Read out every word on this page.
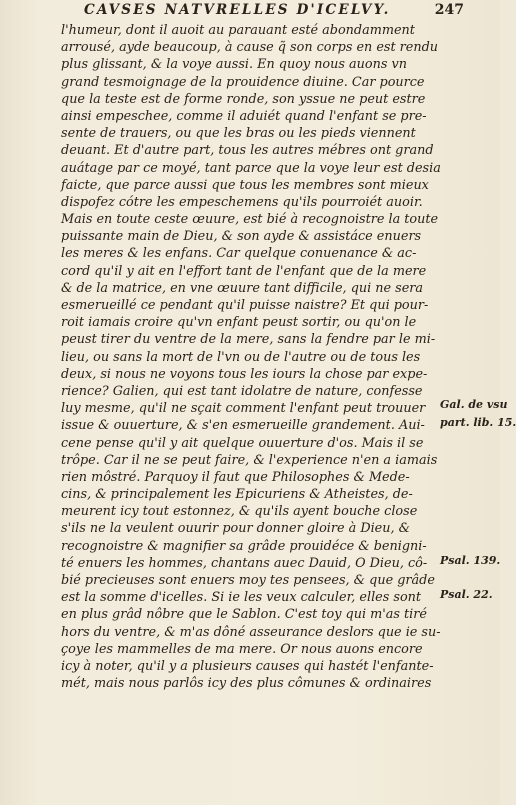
CAVSES NATVRELLES D'ICELVY.	247
l'humeur, dont il auoit au parauant esté abondamment
arrousé, ayde beaucoup, à cause q̃ son corps en est rendu
plus glissant, & la voye aussi. En quoy nous auons vn
grand tesmoignage de la prouidence diuine. Car pource
que la teste est de forme ronde, son yssue ne peut estre
ainsi empeschee, comme il aduiét quand l'enfant se pre-
sente de trauers, ou que les bras ou les pieds viennent
deuant. Et d'autre part, tous les autres mébres ont grand
auátage par ce moyé, tant parce que la voye leur est desia
faicte, que parce aussi que tous les membres sont mieux
dispofez cótre les empeschemens qu'ils pourroiét auoir.
Mais en toute ceste œuure, est bié à recognoistre la toute
puissante main de Dieu, & son ayde & assistáce enuers
les meres & les enfans. Car quelque conuenance & ac-
cord qu'il y ait en l'effort tant de l'enfant que de la mere
& de la matrice, en vne œuure tant difficile, qui ne sera
esmerueillé ce pendant qu'il puisse naistre? Et qui pour-
roit iamais croire qu'vn enfant peust sortir, ou qu'on le
peust tirer du ventre de la mere, sans la fendre par le mi-
lieu, ou sans la mort de l'vn ou de l'autre ou de tous les
deux, si nous ne voyons tous les iours la chose par expe-
rience? Galien, qui est tant idolatre de nature, confesse
luy mesme, qu'il ne sçait comment l'enfant peut trouuer
issue & ouuerture, & s'en esmerueille grandement. Aui-
cene pense qu'il y ait quelque ouuerture d'os. Mais il se
trôpe. Car il ne se peut faire, & l'experience n'en a iamais
rien môstré. Parquoy il faut que Philosophes & Mede-
cins, & principalement les Epicuriens & Atheistes, de-
meurent icy tout estonnez, & qu'ils ayent bouche close
s'ils ne la veulent ouurir pour donner gloire à Dieu, &
recognoistre & magnifier sa grâde prouidéce & benigni-
té enuers les hommes, chantans auec Dauid, O Dieu, cô-
bié precieuses sont enuers moy tes pensees, & que grâde
est la somme d'icelles. Si ie les veux calculer, elles sont
en plus grâd nôbre que le Sablon. C'est toy qui m'as tiré
hors du ventre, & m'as dôné asseurance deslors que ie su-
çoye les mammelles de ma mere. Or nous auons encore
icy à noter, qu'il y a plusieurs causes qui hastét l'enfante-
mét, mais nous parlôs icy des plus cômunes & ordinaires
Gal. de vsu
part. lib. 15.
Psal. 139.
Psal. 22.
